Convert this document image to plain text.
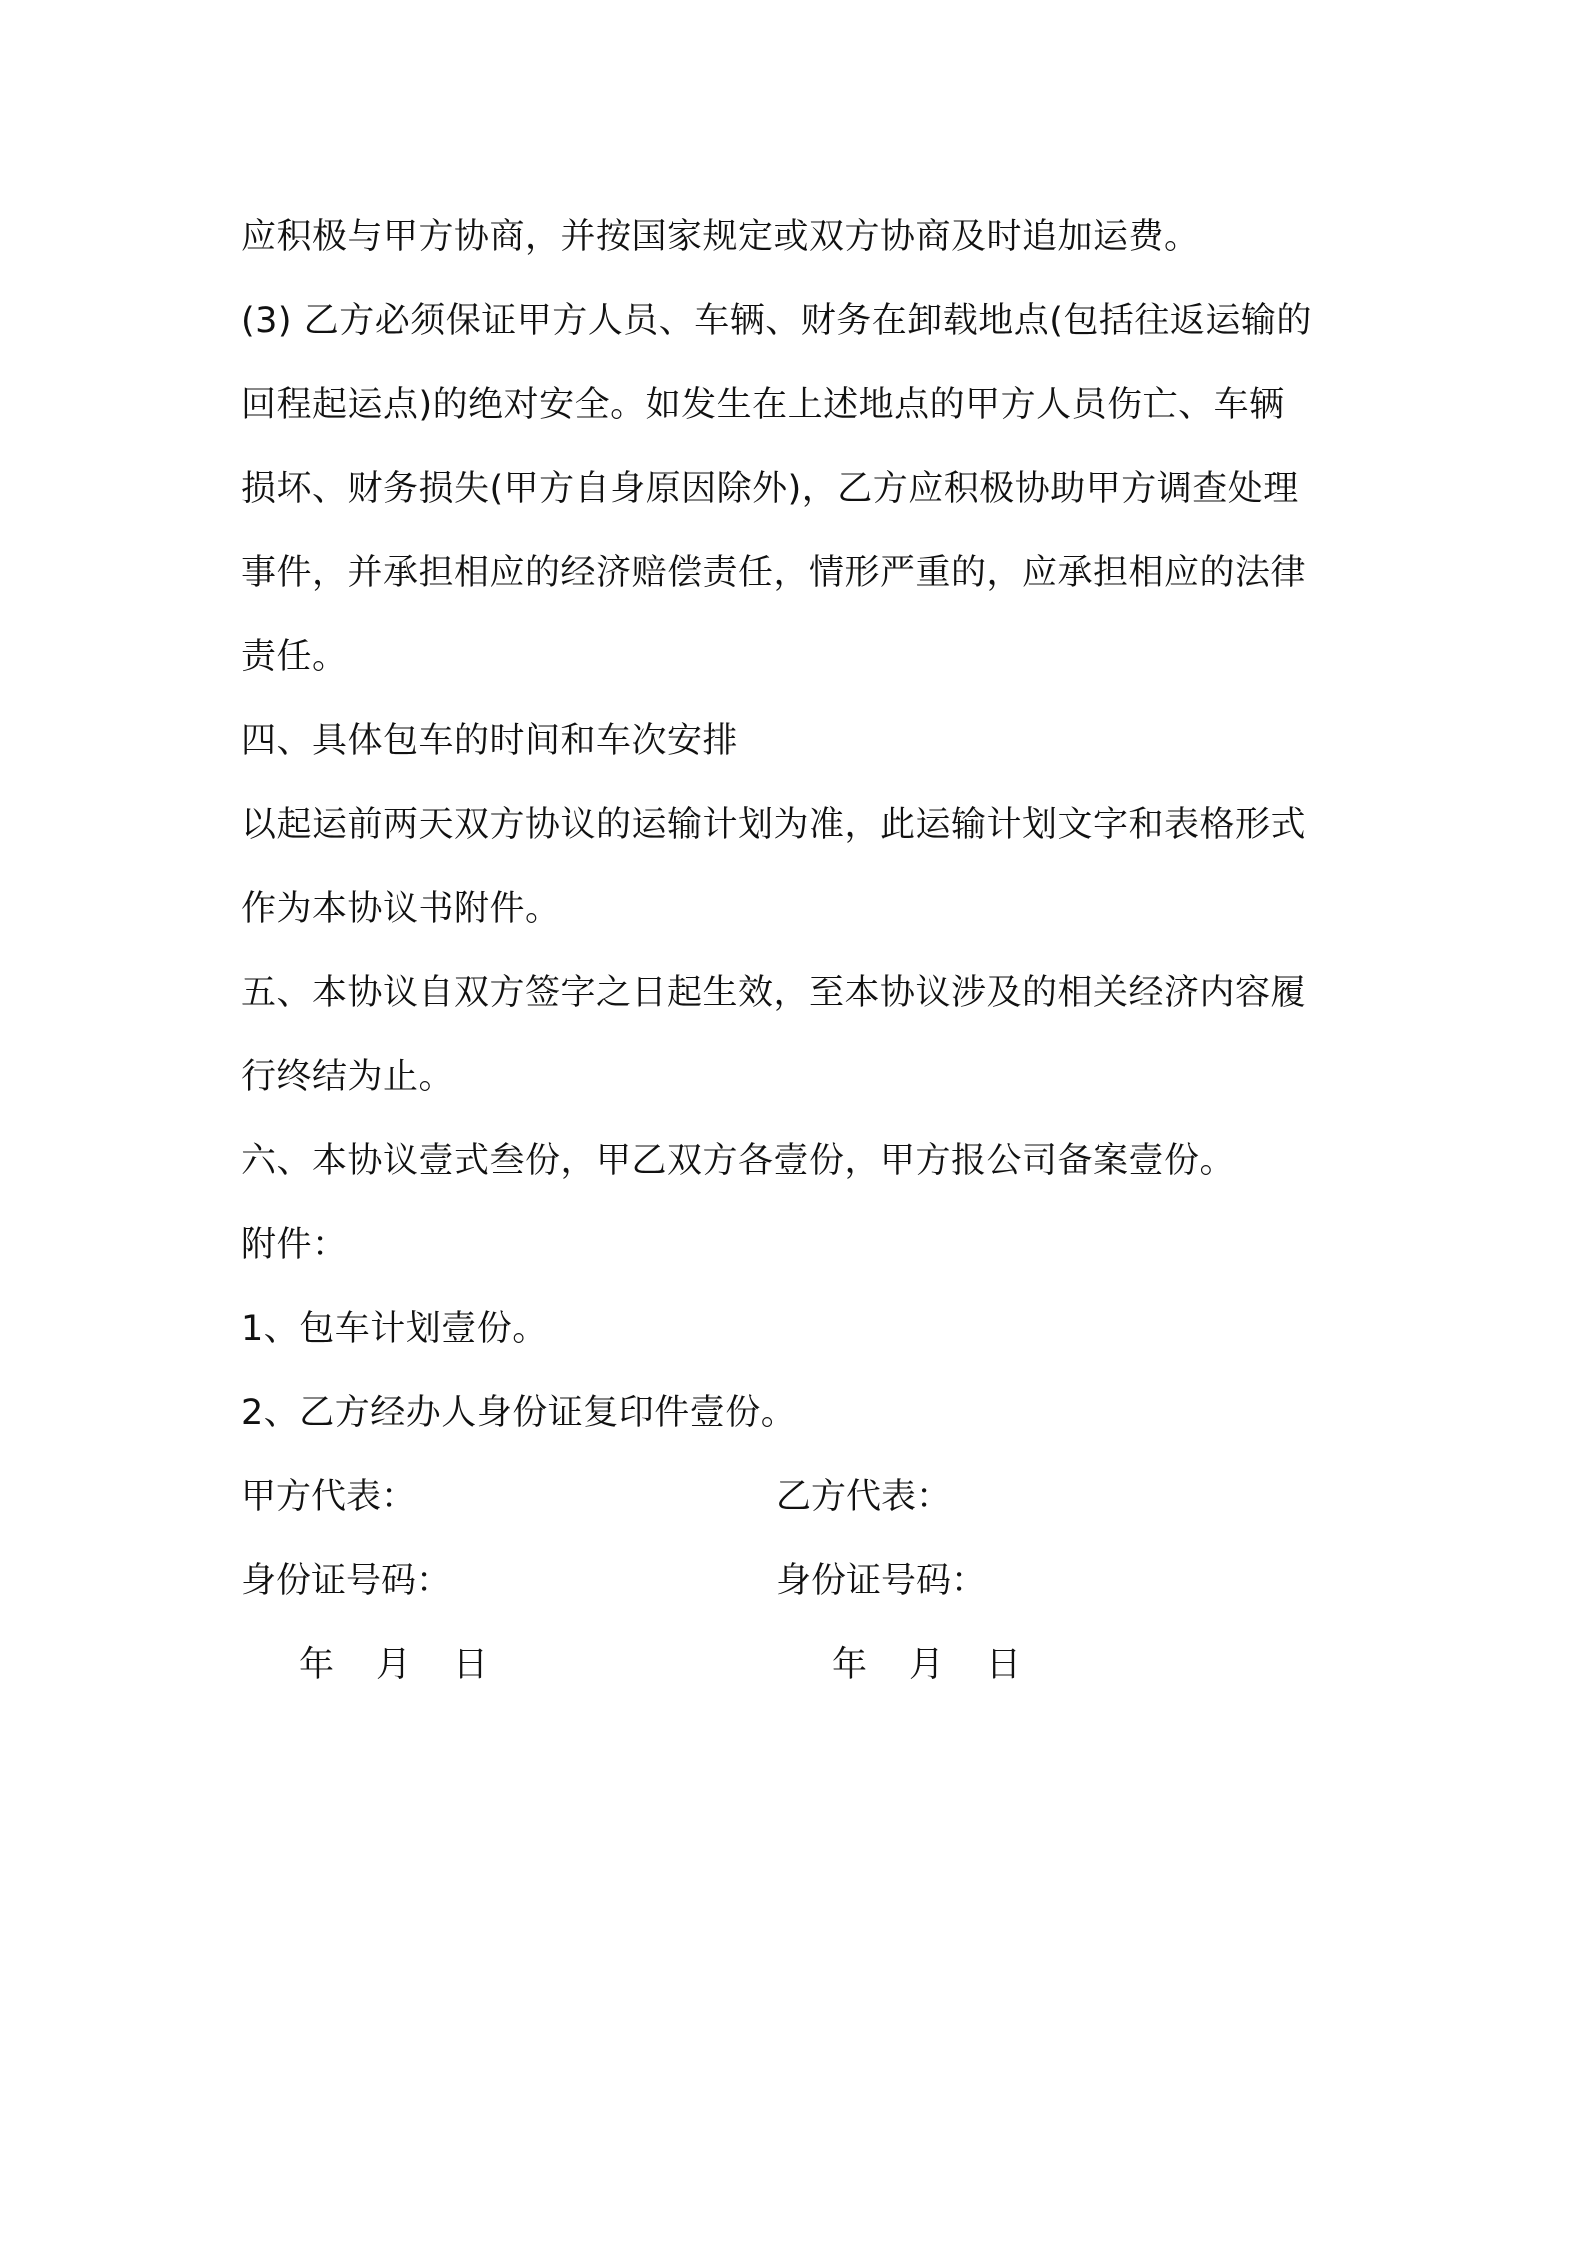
应积极与甲方协商，并按国家规定或双方协商及时追加运费。
(3) 乙方必须保证甲方人员、车辆、财务在卸载地点(包括往返运输的
回程起运点)的绝对安全。如发生在上述地点的甲方人员伤亡、车辆
损坏、财务损失(甲方自身原因除外)，乙方应积极协助甲方调查处理
事件，并承担相应的经济赔偿责任，情形严重的，应承担相应的法律
责任。
四、具体包车的时间和车次安排
以起运前两天双方协议的运输计划为准，此运输计划文字和表格形式
作为本协议书附件。
五、本协议自双方签字之日起生效，至本协议涉及的相关经济内容履
行终结为止。
六、本协议壹式叁份，甲乙双方各壹份，甲方报公司备案壹份。
附件：
1、包车计划壹份。
2、乙方经办人身份证复印件壹份。
甲方代表：	乙方代表：
身份证号码：	身份证号码：
年 月 日	年 月 日
